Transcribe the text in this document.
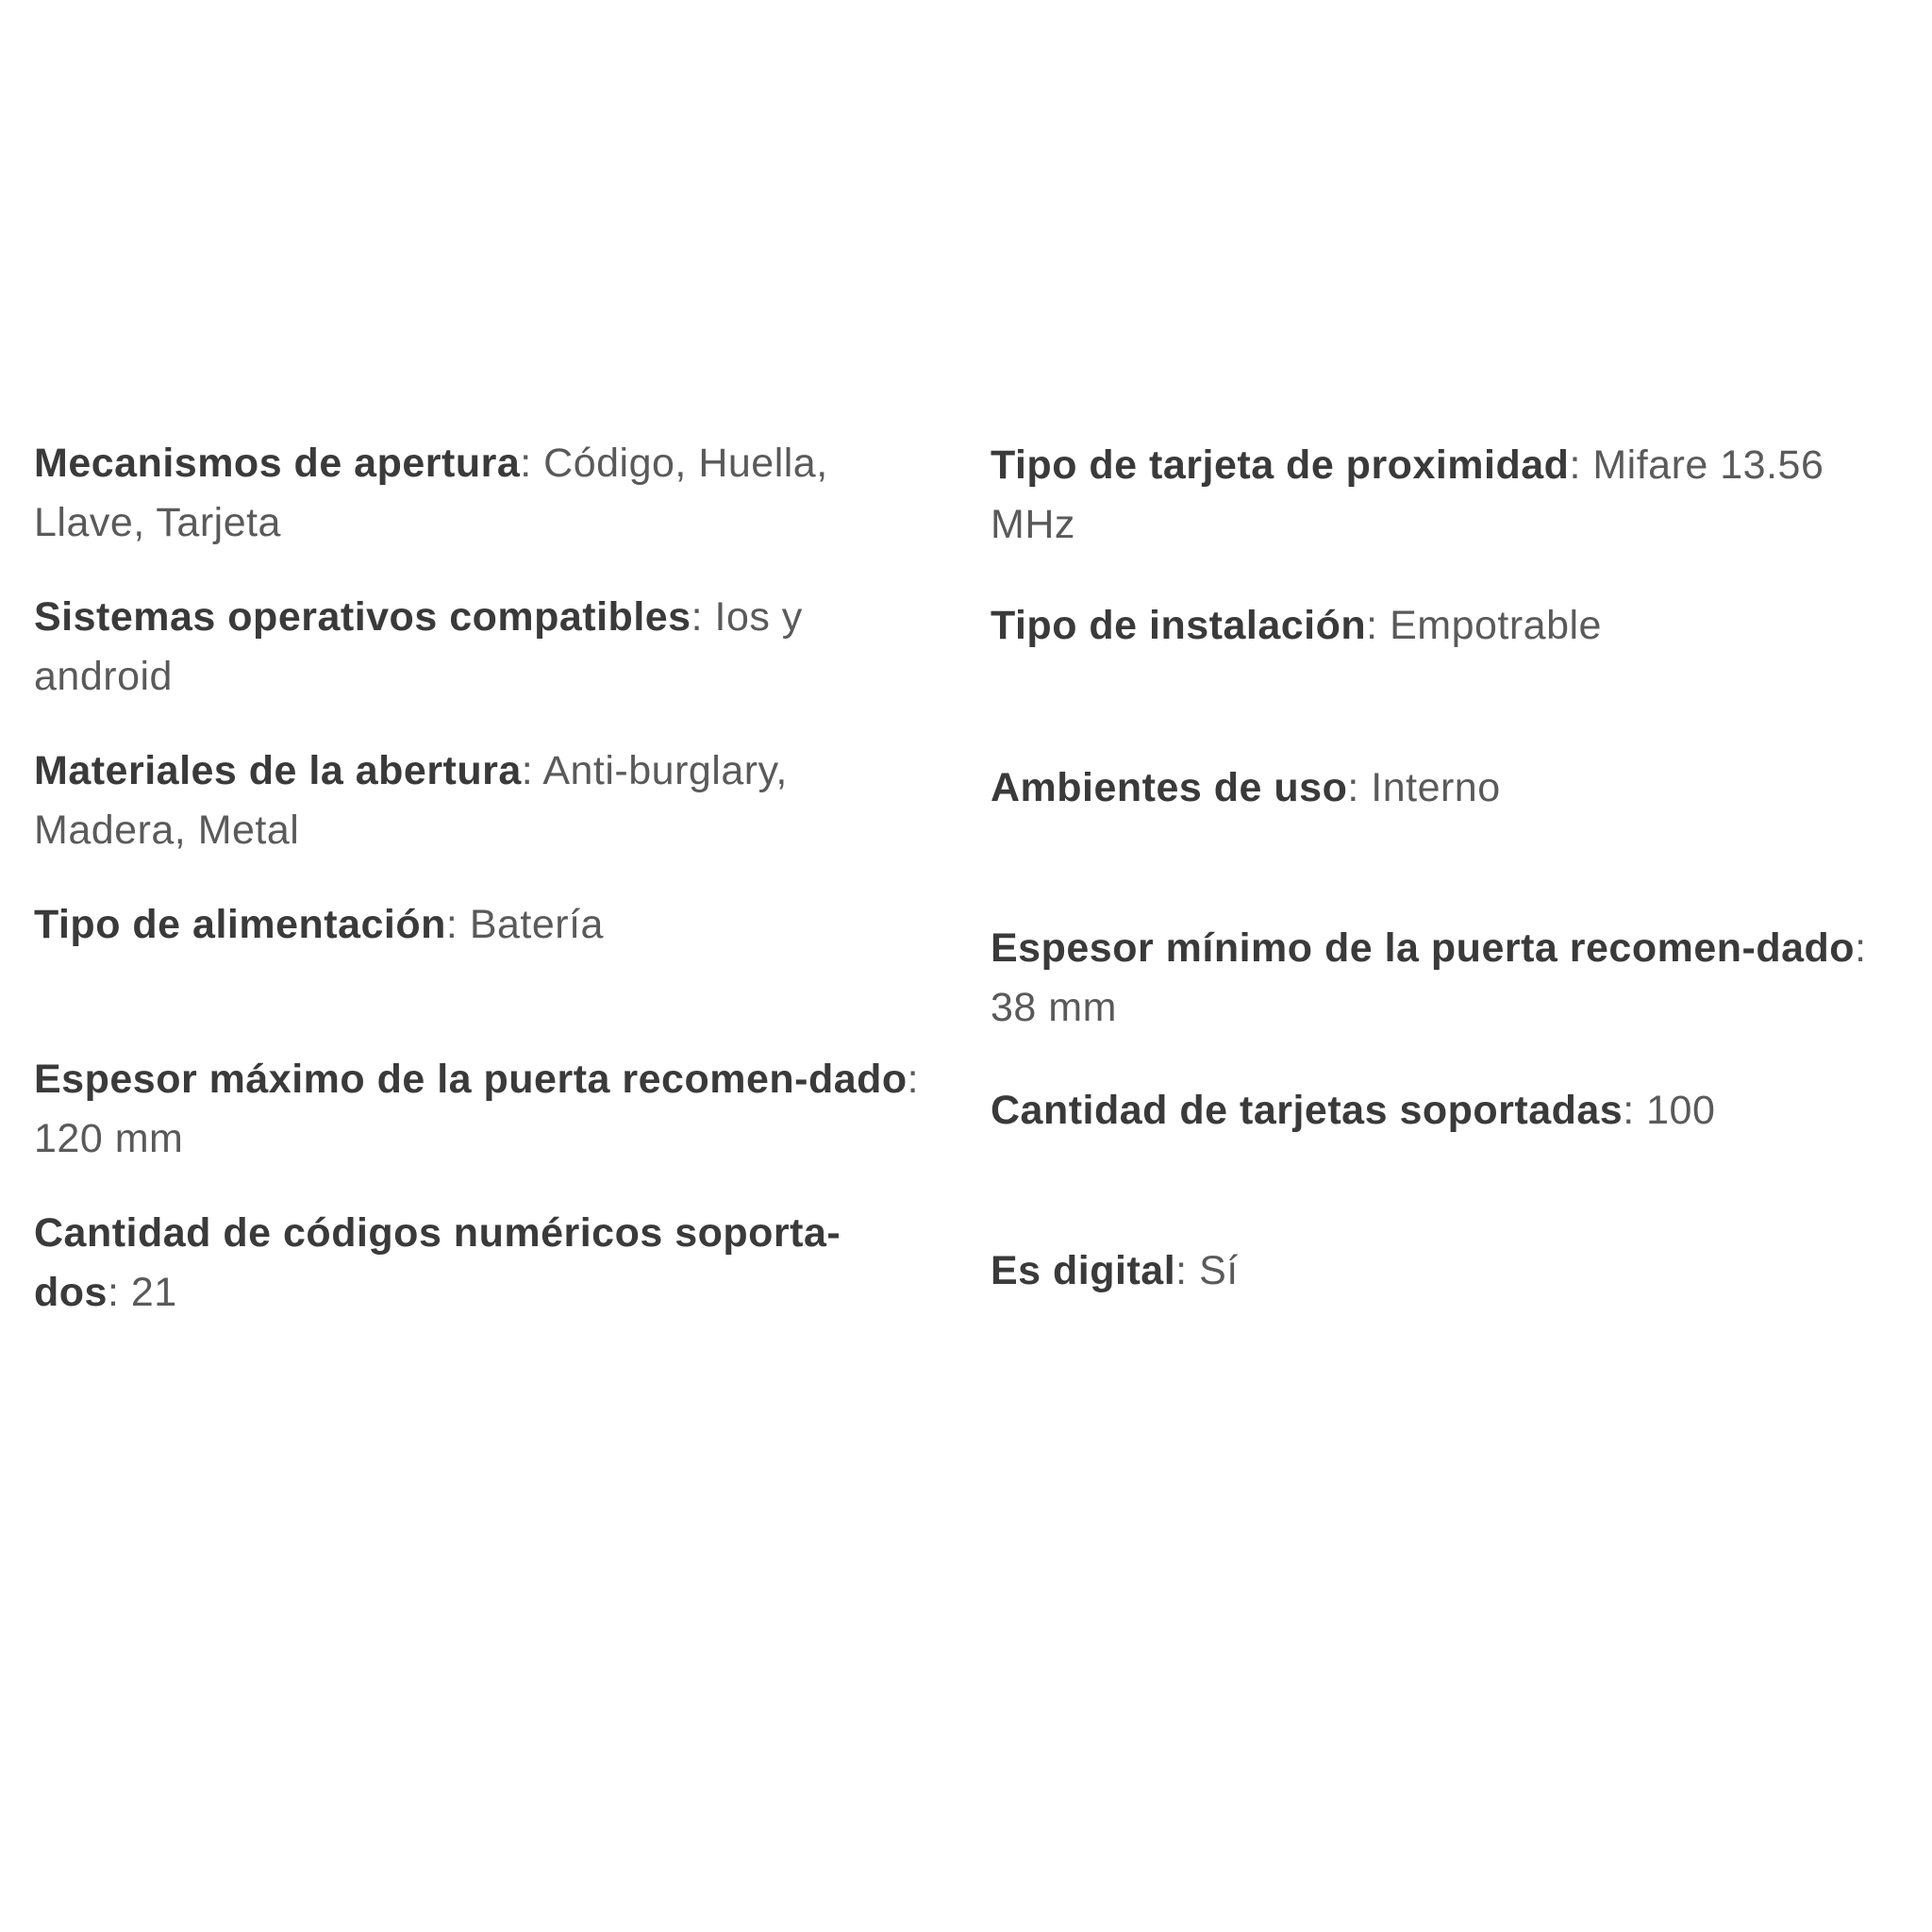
Mecanismos de apertura: Código, Huella, Llave, Tarjeta
Sistemas operativos compatibles: Ios y android
Materiales de la abertura: Anti-burglary, Madera, Metal
Tipo de alimentación: Batería
Espesor máximo de la puerta recomen-dado: 120 mm
Cantidad de códigos numéricos soporta-dos: 21
Tipo de tarjeta de proximidad: Mifare 13.56 MHz
Tipo de instalación: Empotrable
Ambientes de uso: Interno
Espesor mínimo de la puerta recomen-dado: 38 mm
Cantidad de tarjetas soportadas: 100
Es digital: Sí
